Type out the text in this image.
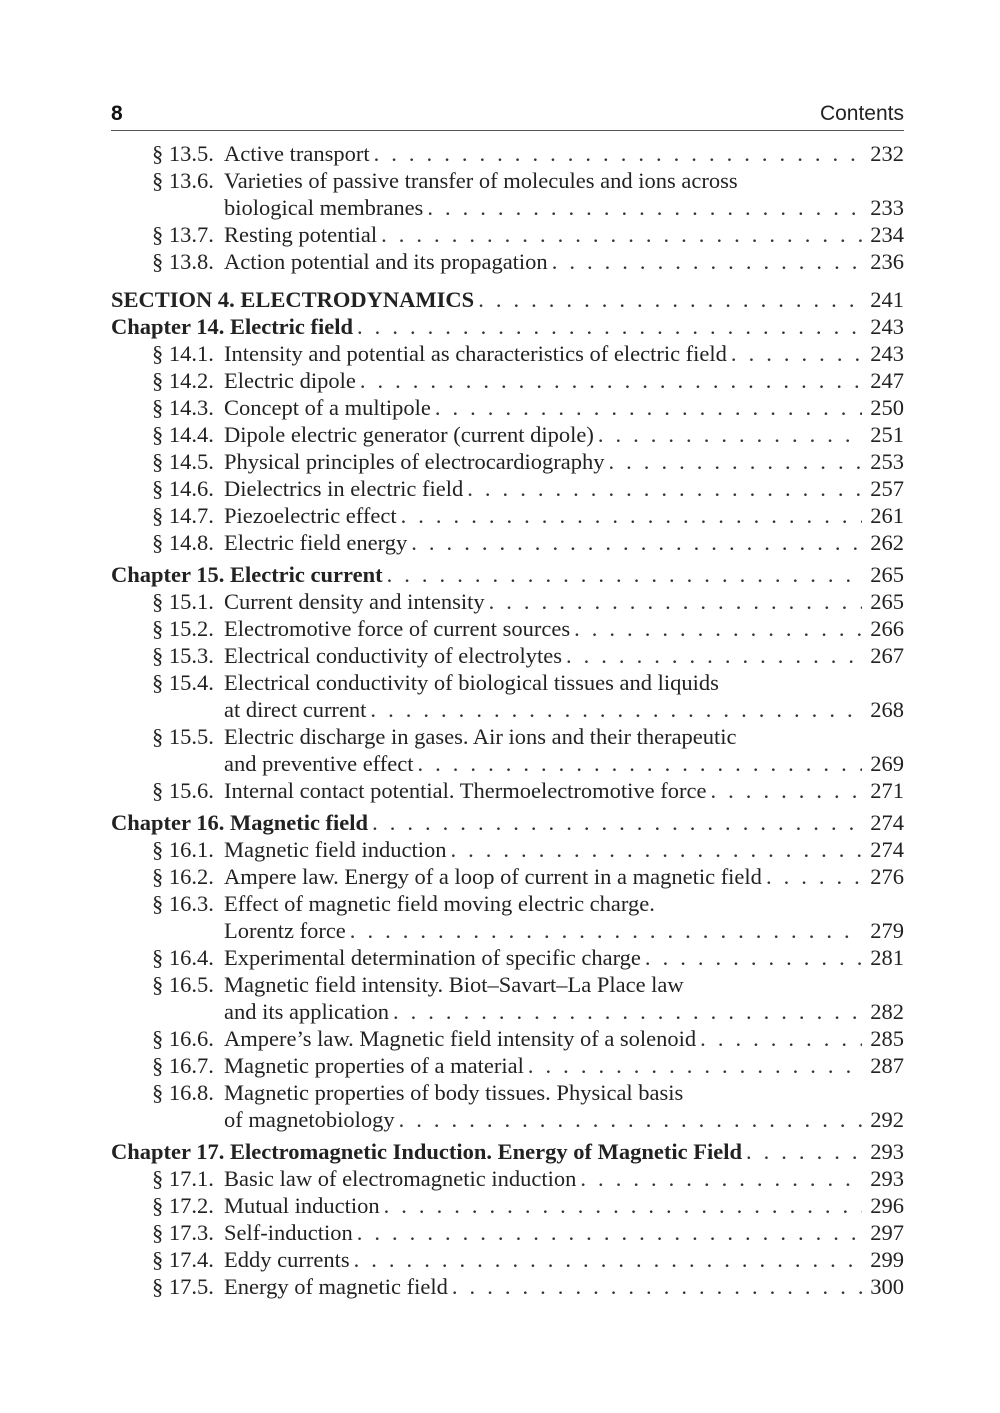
8	Contents
§ 13.5. Active transport . . .	232
§ 13.6. Varieties of passive transfer of molecules and ions across
biological membranes . . .	233
§ 13.7. Resting potential . . .	234
§ 13.8. Action potential and its propagation . . .	236
SECTION 4. ELECTRODYNAMICS . . .	241
Chapter 14. Electric field . . .	243
§ 14.1. Intensity and potential as characteristics of electric field . . .	243
§ 14.2. Electric dipole . . .	247
§ 14.3. Concept of a multipole . . .	250
§ 14.4. Dipole electric generator (current dipole) . . .	251
§ 14.5. Physical principles of electrocardiography . . .	253
§ 14.6. Dielectrics in electric field . . .	257
§ 14.7. Piezoelectric effect . . .	261
§ 14.8. Electric field energy . . .	262
Chapter 15. Electric current . . .	265
§ 15.1. Current density and intensity . . .	265
§ 15.2. Electromotive force of current sources . . .	266
§ 15.3. Electrical conductivity of electrolytes . . .	267
§ 15.4. Electrical conductivity of biological tissues and liquids
at direct current . . .	268
§ 15.5. Electric discharge in gases. Air ions and their therapeutic
and preventive effect . . .	269
§ 15.6. Internal contact potential. Thermoelectromotive force . . .	271
Chapter 16. Magnetic field . . .	274
§ 16.1. Magnetic field induction . . .	274
§ 16.2. Ampere law. Energy of a loop of current in a magnetic field . . .	276
§ 16.3. Effect of magnetic field moving electric charge.
Lorentz force . . .	279
§ 16.4. Experimental determination of specific charge . . .	281
§ 16.5. Magnetic field intensity. Biot–Savart–La Place law
and its application . . .	282
§ 16.6. Ampere’s law. Magnetic field intensity of a solenoid . . .	285
§ 16.7. Magnetic properties of a material . . .	287
§ 16.8. Magnetic properties of body tissues. Physical basis
of magnetobiology . . .	292
Chapter 17. Electromagnetic Induction. Energy of Magnetic Field . . .	293
§ 17.1. Basic law of electromagnetic induction . . .	293
§ 17.2. Mutual induction . . .	296
§ 17.3. Self-induction . . .	297
§ 17.4. Eddy currents . . .	299
§ 17.5. Energy of magnetic field . . .	300
